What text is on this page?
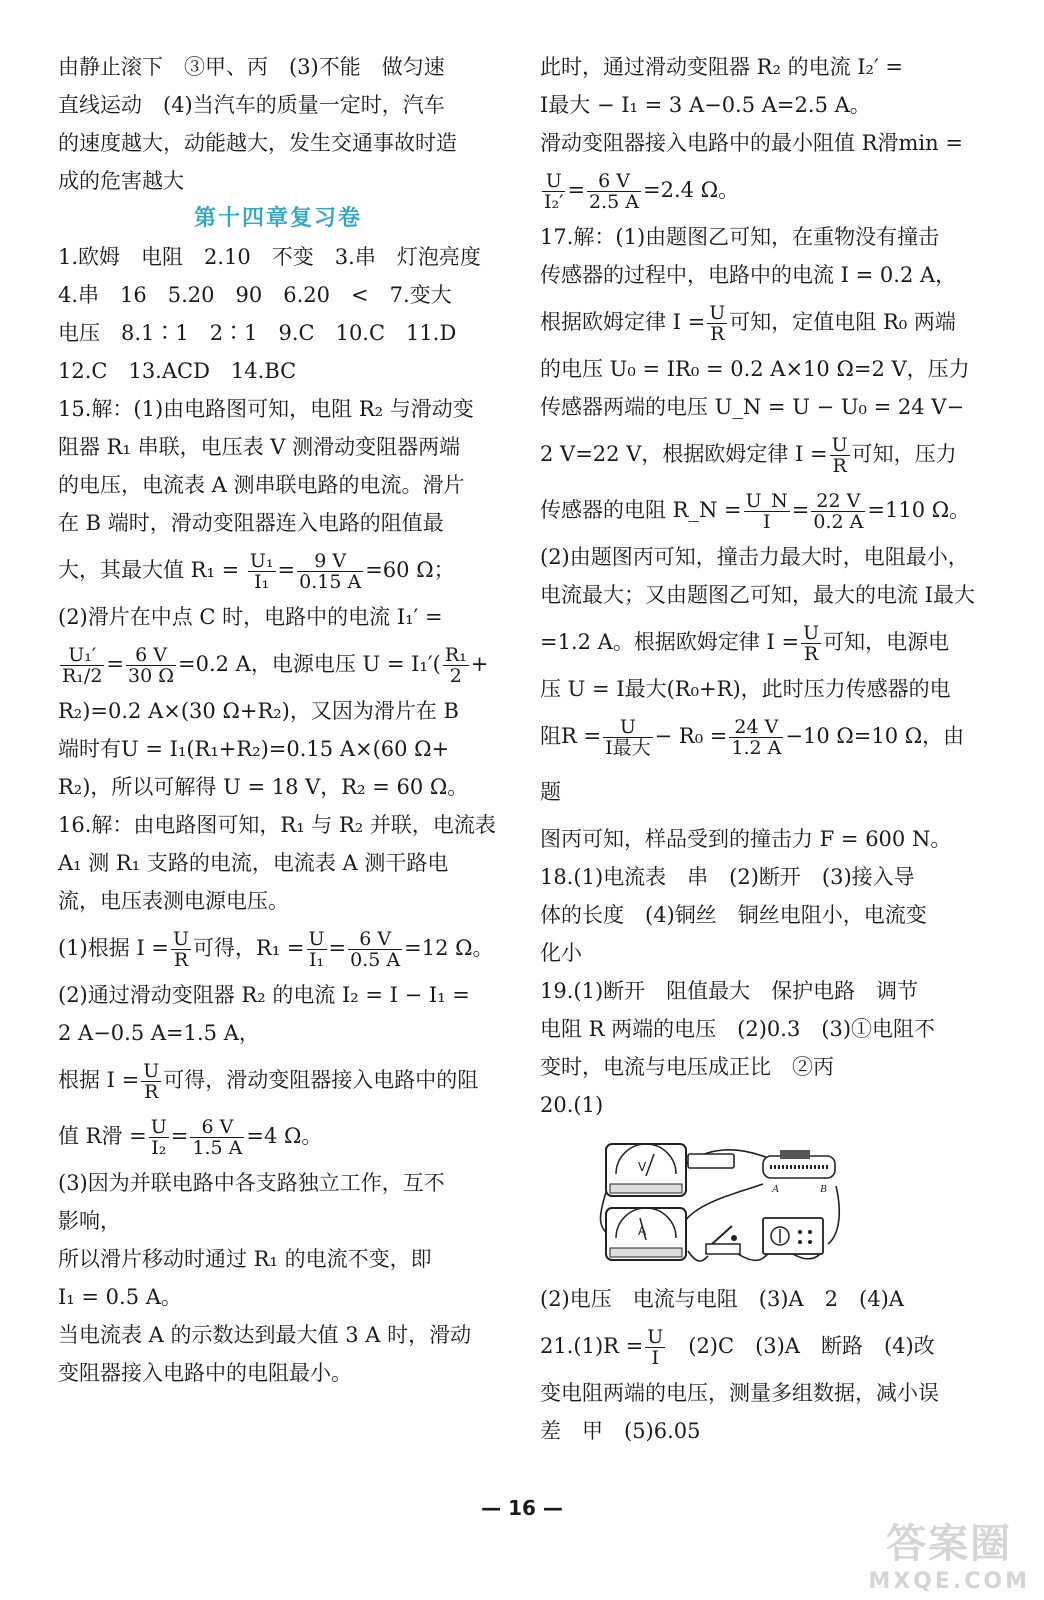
由静止滚下　③甲、丙　(3)不能　做匀速

直线运动　(4)当汽车的质量一定时，汽车

的速度越大，动能越大，发生交通事故时造

成的危害越大

第十四章复习卷

1.欧姆　电阻　2.10　不变　3.串　灯泡亮度

4.串　16　5.20　90　6.20　<　7.变大

电压　8.1∶1　2∶1　9.C　10.C　11.D

12.C　13.ACD　14.BC

15.解：(1)由电路图可知，电阻 R₂ 与滑动变

阻器 R₁ 串联，电压表 V 测滑动变阻器两端

的电压，电流表 A 测串联电路的电流。滑片

在 B 端时，滑动变阻器连入电路的阻值最

大，其最大值 $R_1 = \frac{\text{U₁}}{\text{I₁}} = \frac{9 V}{0.15 A} =60$ Ω；

(2)滑片在中点 C 时，电路中的电流 I₁′ =

$\frac{\text{U₁′}}{\text{R₁/2}} = \frac{6 V}{30 \Omega} =0.2$ A，电源电压 $U = I_1'( \frac{\text{R₁}}{2}$ +

R₂)=0.2 A×(30 Ω+R₂)，又因为滑片在 B

端时有U = I₁(R₁+R₂)=0.15 A×(60 Ω+

R₂)，所以可解得 U = 18 V，R₂ = 60 Ω。

16.解：由电路图可知，R₁ 与 R₂ 并联，电流表

A₁ 测 R₁ 支路的电流，电流表 A 测干路电

流，电压表测电源电压。

(1)根据 $I = \frac{U}{R}$ 可得，$R_1 = \frac{U}{\text{I₁}} = \frac{6 V}{0.5 A} =12$ Ω。

(2)通过滑动变阻器 R₂ 的电流 I₂ = I − I₁ =

2 A−0.5 A=1.5 A，

根据 $I = \frac{U}{R}$ 可得，滑动变阻器接入电路中的阻

值 R滑 = $\frac{U}{\text{I₂}} = \frac{6 V}{1.5 A} =4$ Ω。

(3)因为并联电路中各支路独立工作，互不

影响，

所以滑片移动时通过 R₁ 的电流不变，即

I₁ = 0.5 A。

当电流表 A 的示数达到最大值 3 A 时，滑动

变阻器接入电路中的电阻最小。

此时，通过滑动变阻器 R₂ 的电流 I₂′ =

I最大 − I₁ = 3 A−0.5 A=2.5 A。

滑动变阻器接入电路中的最小阻值 R滑min =

$\frac{U}{\text{I₂′}} = \frac{6 V}{2.5 A} =2.4$ Ω。

17.解：(1)由题图乙可知，在重物没有撞击

传感器的过程中，电路中的电流 I = 0.2 A，

根据欧姆定律 $I = \frac{U}{R}$ 可知，定值电阻 R₀ 两端

的电压 U₀ = IR₀ = 0.2 A×10 Ω=2 V，压力

传感器两端的电压 U_N = U − U₀ = 24 V−

2 V=22 V，根据欧姆定律 $I = \frac{U}{R}$ 可知，压力

传感器的电阻 R_N = $\frac{U\_N}{I} = \frac{22 V}{0.2 A} =110$ Ω。

(2)由题图丙可知，撞击力最大时，电阻最小，

电流最大；又由题图乙可知，最大的电流 I最大

=1.2 A。根据欧姆定律 $I = \frac{U}{R}$ 可知，电源电

压 U = I最大(R₀+R)，此时压力传感器的电

阻$R = \frac{U}{\text{I最大}} - R_0 = \frac{24 V}{1.2 A} -10$ Ω=10 Ω，由题

图丙可知，样品受到的撞击力 F = 600 N。

18.(1)电流表　串　(2)断开　(3)接入导

体的长度　(4)铜丝　铜丝电阻小，电流变

化小

19.(1)断开　阻值最大　保护电路　调节

电阻 R 两端的电压　(2)0.3　(3)①电阻不

变时，电流与电压成正比　②丙

20.(1)

V
A	B
A

(2)电压　电流与电阻　(3)A　2　(4)A

$21.(1)R = \frac{U}{I}$ 　(2)C　(3)A　断路　(4)改

变电阻两端的电压，测量多组数据，减小误

差　甲　(5)6.05

— 16 —
答案圈
MXQE.COM
